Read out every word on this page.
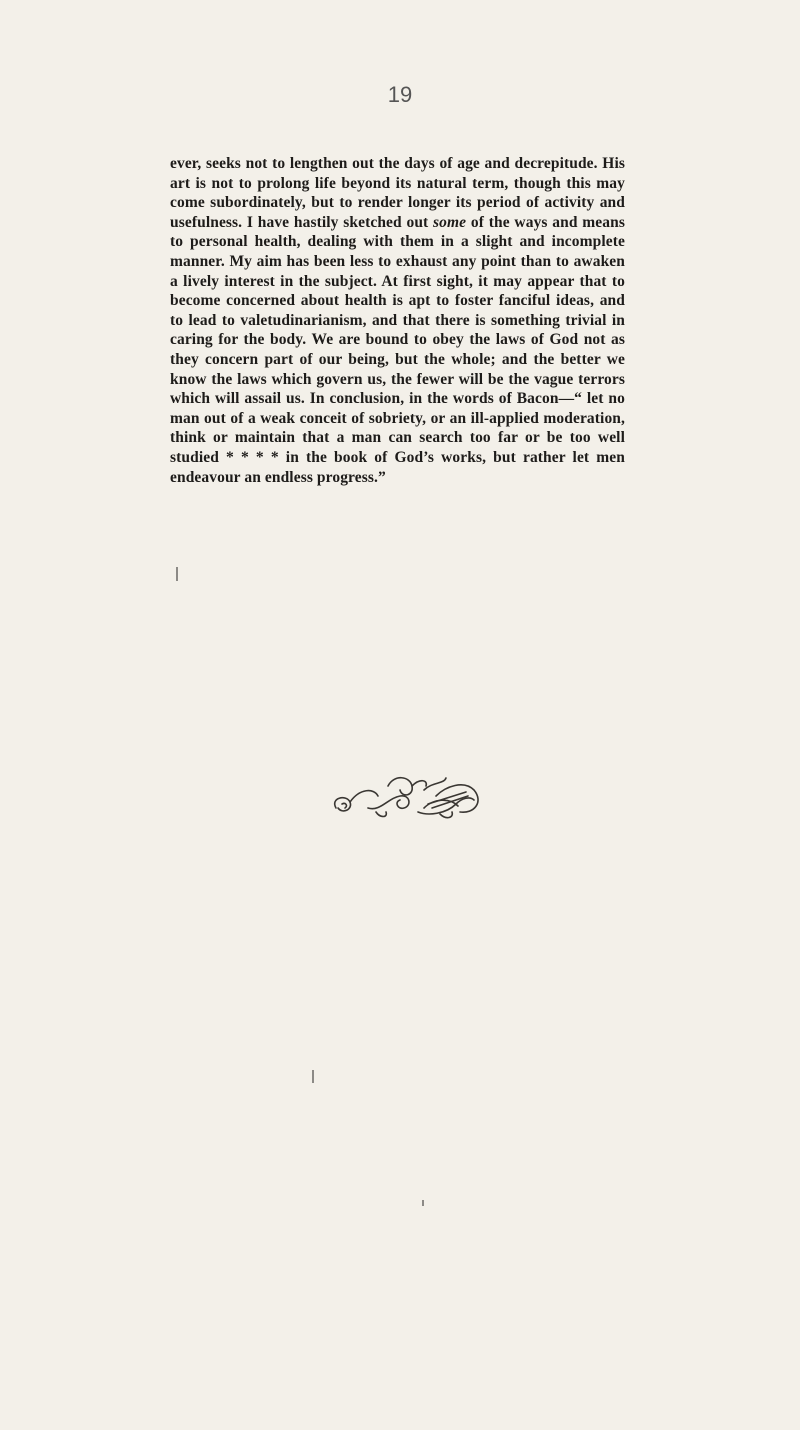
19

ever, seeks not to lengthen out the days of age and decrepitude. His art is not to prolong life beyond its natural term, though this may come subordinately, but to render longer its period of activity and usefulness. I have hastily sketched out some of the ways and means to personal health, dealing with them in a slight and incomplete manner. My aim has been less to exhaust any point than to awaken a lively interest in the subject. At first sight, it may appear that to become concerned about health is apt to foster fanciful ideas, and to lead to valetudinarianism, and that there is something trivial in caring for the body. We are bound to obey the laws of God not as they concern part of our being, but the whole; and the better we know the laws which govern us, the fewer will be the vague terrors which will assail us. In conclusion, in the words of Bacon—“ let no man out of a weak conceit of sobriety, or an ill-applied moderation, think or maintain that a man can search too far or be too well studied * * * * in the book of God’s works, but rather let men endeavour an endless progress.”
